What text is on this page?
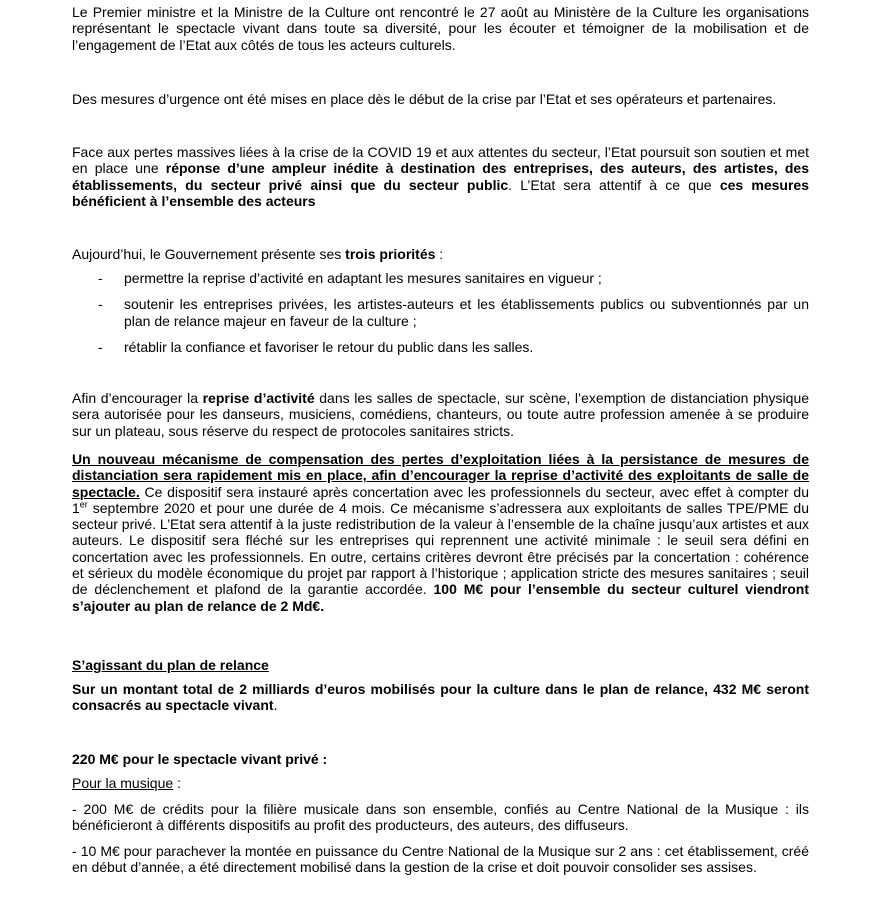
Le Premier ministre et la Ministre de la Culture ont rencontré le 27 août au Ministère de la Culture les organisations représentant le spectacle vivant dans toute sa diversité, pour les écouter et témoigner de la mobilisation et de l’engagement de l’Etat aux côtés de tous les acteurs culturels.

Des mesures d’urgence ont été mises en place dès le début de la crise par l’Etat et ses opérateurs et partenaires.

Face aux pertes massives liées à la crise de la COVID 19 et aux attentes du secteur, l’Etat poursuit son soutien et met en place une réponse d’une ampleur inédite à destination des entreprises, des auteurs, des artistes, des établissements, du secteur privé ainsi que du secteur public. L’Etat sera attentif à ce que ces mesures bénéficient à l’ensemble des acteurs

Aujourd’hui, le Gouvernement présente ses trois priorités :

- permettre la reprise d’activité en adaptant les mesures sanitaires en vigueur ;
- soutenir les entreprises privées, les artistes-auteurs et les établissements publics ou subventionnés par un plan de relance majeur en faveur de la culture ;
- rétablir la confiance et favoriser le retour du public dans les salles.

Afin d’encourager la reprise d’activité dans les salles de spectacle, sur scène, l’exemption de distanciation physique sera autorisée pour les danseurs, musiciens, comédiens, chanteurs, ou toute autre profession amenée à se produire sur un plateau, sous réserve du respect de protocoles sanitaires stricts.

Un nouveau mécanisme de compensation des pertes d’exploitation liées à la persistance de mesures de distanciation sera rapidement mis en place, afin d’encourager la reprise d’activité des exploitants de salle de spectacle. Ce dispositif sera instauré après concertation avec les professionnels du secteur, avec effet à compter du 1er septembre 2020 et pour une durée de 4 mois. Ce mécanisme s’adressera aux exploitants de salles TPE/PME du secteur privé. L’Etat sera attentif à la juste redistribution de la valeur à l’ensemble de la chaîne jusqu’aux artistes et aux auteurs. Le dispositif sera fléché sur les entreprises qui reprennent une activité minimale : le seuil sera défini en concertation avec les professionnels. En outre, certains critères devront être précisés par la concertation : cohérence et sérieux du modèle économique du projet par rapport à l’historique ; application stricte des mesures sanitaires ; seuil de déclenchement et plafond de la garantie accordée. 100 M€ pour l’ensemble du secteur culturel viendront s’ajouter au plan de relance de 2 Md€.

S’agissant du plan de relance

Sur un montant total de 2 milliards d’euros mobilisés pour la culture dans le plan de relance, 432 M€ seront consacrés au spectacle vivant.

220 M€ pour le spectacle vivant privé :

Pour la musique :

- 200 M€ de crédits pour la filière musicale dans son ensemble, confiés au Centre National de la Musique : ils bénéficieront à différents dispositifs au profit des producteurs, des auteurs, des diffuseurs.

- 10 M€ pour parachever la montée en puissance du Centre National de la Musique sur 2 ans : cet établissement, créé en début d’année, a été directement mobilisé dans la gestion de la crise et doit pouvoir consolider ses assises.
